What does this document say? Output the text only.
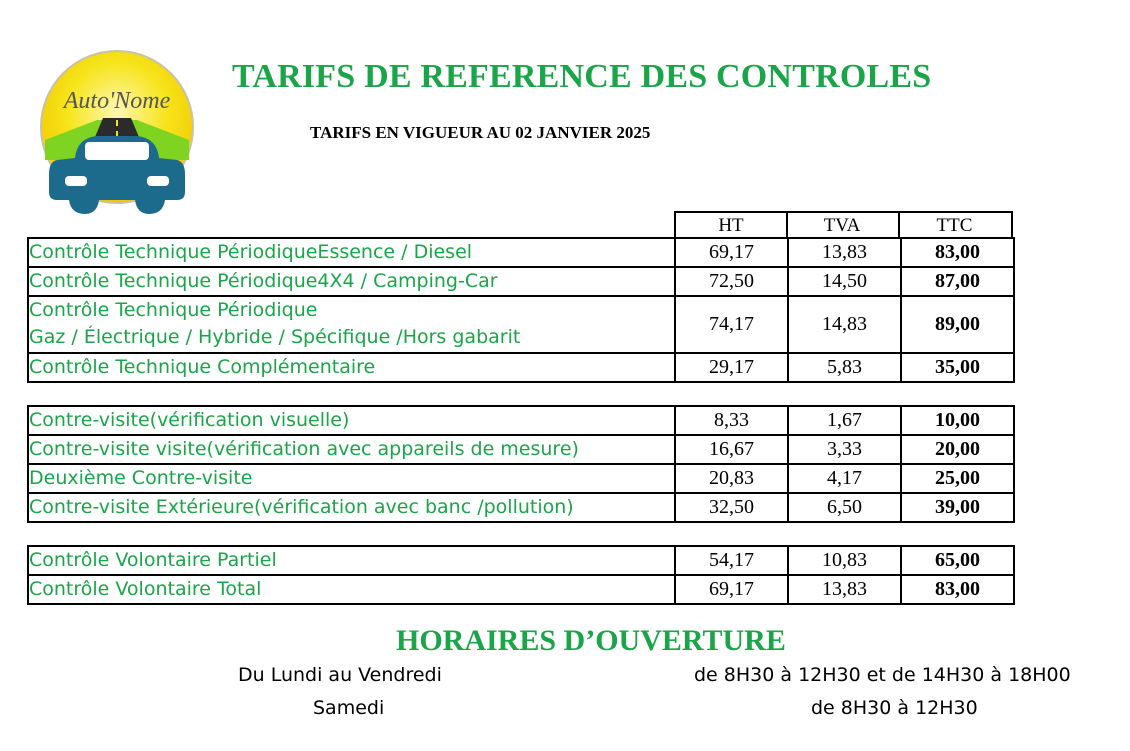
Auto'Nome
TARIFS DE REFERENCE DES CONTROLES
TARIFS EN VIGUEUR AU 02 JANVIER 2025
HT	TVA	TTC
Contrôle Technique PériodiqueEssence / Diesel	69,17	13,83	83,00
Contrôle Technique Périodique4X4 / Camping-Car	72,50	14,50	87,00

Contrôle Technique Périodique
Gaz / Électrique / Hybride / Spécifique /Hors gabarit	74,17	14,83	89,00
Contrôle Technique Complémentaire	29,17	5,83	35,00
Contre-visite(vérification visuelle)	8,33	1,67	10,00
Contre-visite visite(vérification avec appareils de mesure)	16,67	3,33	20,00
Deuxième Contre-visite	20,83	4,17	25,00
Contre-visite Extérieure(vérification avec banc /pollution)	32,50	6,50	39,00
Contrôle Volontaire Partiel	54,17	10,83	65,00
Contrôle Volontaire Total	69,17	13,83	83,00
HORAIRES D’OUVERTURE
Du Lundi au Vendredi	de 8H30 à 12H30 et de 14H30 à 18H00
Samedi	de 8H30 à 12H30
